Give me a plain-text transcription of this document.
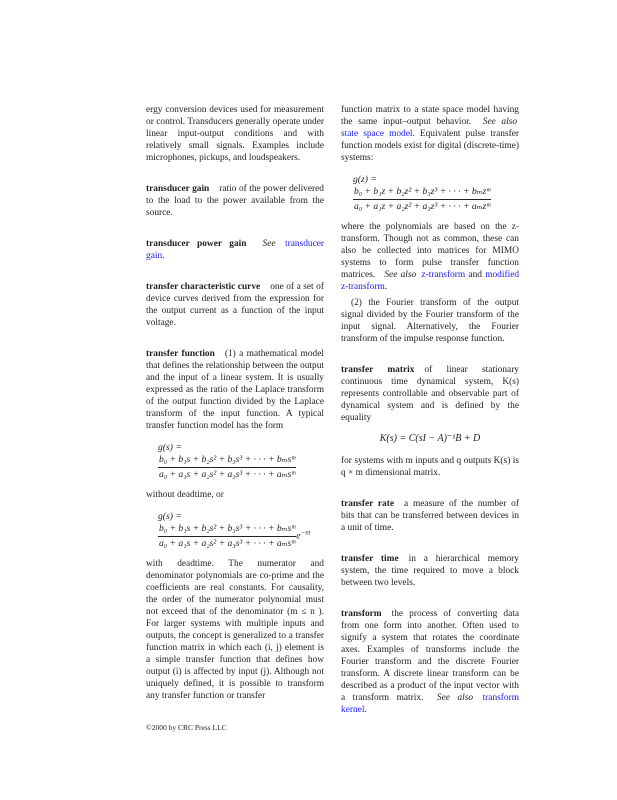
ergy conversion devices used for measurement or control. Transducers generally operate under linear input-output conditions and with relatively small signals. Examples include microphones, pickups, and loudspeakers.

transducer gain ratio of the power delivered to the load to the power available from the source.

transducer power gain See transducer gain.

transfer characteristic curve one of a set of device curves derived from the expression for the output current as a function of the input voltage.

transfer function (1) a mathematical model that defines the relationship between the output and the input of a linear system. It is usually expressed as the ratio of the Laplace transform of the output function divided by the Laplace transform of the input function. A typical transfer function model has the form

g(s) =
$\frac{\text{b₀ + b₁s + b₂s² + b₃s³ + · · · + bₘsᵐ}}{\text{a₀ + a₁s + a₂s² + a₃s³ + · · · + aₘsᵐ}}$

without deadtime, or

g(s) =
$\frac{\text{b₀ + b₁s + b₂s² + b₃s³ + · · · + bₘsᵐ}}{\text{a₀ + a₁s + a₂s² + a₃s³ + · · · + aₘsᵐ}} e^{-s\tau}$

with deadtime. The numerator and denominator polynomials are co-prime and the coefficients are real constants. For causality, the order of the numerator polynomial must not exceed that of the denominator (m ≤ n ). For larger systems with multiple inputs and outputs, the concept is generalized to a transfer function matrix in which each (i, j) element is a simple transfer function that defines how output (i) is affected by input (j). Although not uniquely defined, it is possible to transform any transfer function or transfer

function matrix to a state space model having the same input–output behavior. See also state space model. Equivalent pulse transfer function models exist for digital (discrete-time) systems:

g(z) =
$\frac{\text{b₀ + b₁z + b₂z² + b₃z³ + · · · + bₘzᵐ}}{\text{a₀ + a₁z + a₂z² + a₃z³ + · · · + aₘzᵐ}}$

where the polynomials are based on the z-transform. Though not as common, these can also be collected into matrices for MIMO systems to form pulse transfer function matrices. See also z-transform and modified z-transform.

(2) the Fourier transform of the output signal divided by the Fourier transform of the input signal. Alternatively, the Fourier transform of the impulse response function.

transfer matrix of linear stationary continuous time dynamical system, K(s) represents controllable and observable part of dynamical system and is defined by the equality

K(s) = C(sI − A)⁻¹B + D

for systems with m inputs and q outputs K(s) is q × m dimensional matrix.

transfer rate a measure of the number of bits that can be transferred between devices in a unit of time.

transfer time in a hierarchical memory system, the time required to move a block between two levels.

transform the process of converting data from one form into another. Often used to signify a system that rotates the coordinate axes. Examples of transforms include the Fourier transform and the discrete Fourier transform. A discrete linear transform can be described as a product of the input vector with a transform matrix. See also transform kernel.

©2000 by CRC Press LLC
